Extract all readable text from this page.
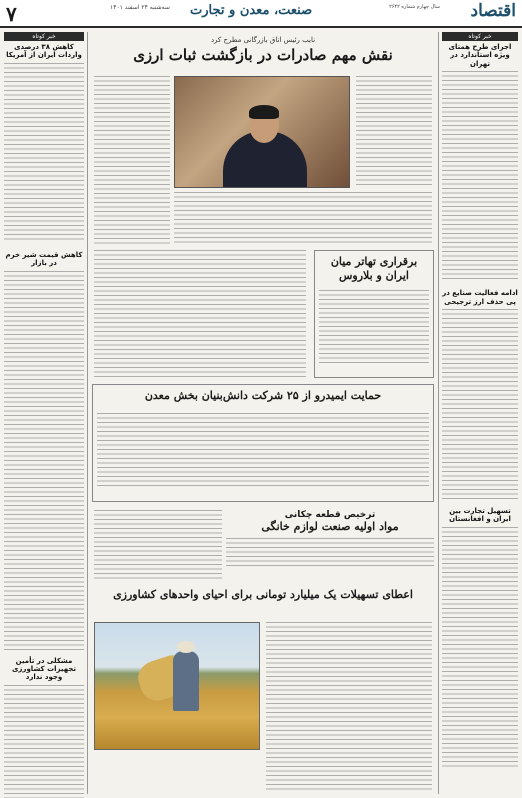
۷	سه‌شنبه ۲۴ اسفند ۱۴۰۱ صنعت، معدن و تجارت	سال چهارم شماره ۲۶۴۲ اقتصاد
خبر کوتاه
اجرای طرح همتای ویژه استاندارد در تهران
ادامه فعالیت صنایع در پی حذف ارز ترجیحی
تسهیل تجارت بین ایران و افغانستان
خبر کوتاه
کاهش ۳۸ درصدی واردات ایران از آمریکا
کاهش قیمت شیر خرم در بازار
مشکلی در تأمین تجهیزات کشاورزی وجود ندارد
نایب رئیس اتاق بازرگانی مطرح کرد
نقش مهم صادرات در بازگشت ثبات ارزی
برقراری تهاتر میان ایران و بلاروس
حمایت ایمیدرو از ۲۵ شرکت دانش‌بنیان بخش معدن
ترخیص قطعه چکانی
مواد اولیه صنعت لوازم خانگی
اعطای تسهیلات یک میلیارد تومانی برای احیای واحدهای کشاورزی
